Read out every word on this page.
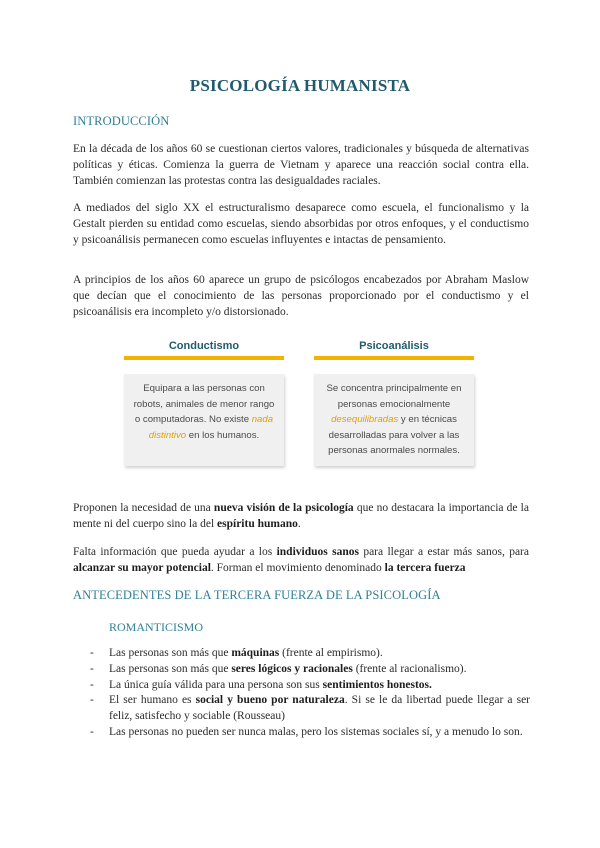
PSICOLOGÍA HUMANISTA
INTRODUCCIÓN
En la década de los años 60 se cuestionan ciertos valores, tradicionales y búsqueda de alternativas políticas y éticas. Comienza la guerra de Vietnam y aparece una reacción social contra ella. También comienzan las protestas contra las desigualdades raciales.
A mediados del siglo XX el estructuralismo desaparece como escuela, el funcionalismo y la Gestalt pierden su entidad como escuelas, siendo absorbidas por otros enfoques, y el conductismo y psicoanálisis permanecen como escuelas influyentes e intactas de pensamiento.
A principios de los años 60 aparece un grupo de psicólogos encabezados por Abraham Maslow que decían que el conocimiento de las personas proporcionado por el conductismo y el psicoanálisis era incompleto y/o distorsionado.
Conductismo	Psicoanálisis
Equipara a las personas con robots, animales de menor rango o computadoras. No existe nada distintivo en los humanos.
Se concentra principalmente en personas emocionalmente desequilibradas y en técnicas desarrolladas para volver a las personas anormales normales.
Proponen la necesidad de una nueva visión de la psicología que no destacara la importancia de la mente ni del cuerpo sino la del espíritu humano.
Falta información que pueda ayudar a los individuos sanos para llegar a estar más sanos, para alcanzar su mayor potencial. Forman el movimiento denominado la tercera fuerza
ANTECEDENTES DE LA TERCERA FUERZA DE LA PSICOLOGÍA
ROMANTICISMO
- Las personas son más que máquinas (frente al empirismo).
- Las personas son más que seres lógicos y racionales (frente al racionalismo).
- La única guía válida para una persona son sus sentimientos honestos.
- El ser humano es social y bueno por naturaleza. Si se le da libertad puede llegar a ser feliz, satisfecho y sociable (Rousseau)
- Las personas no pueden ser nunca malas, pero los sistemas sociales sí, y a menudo lo son.
